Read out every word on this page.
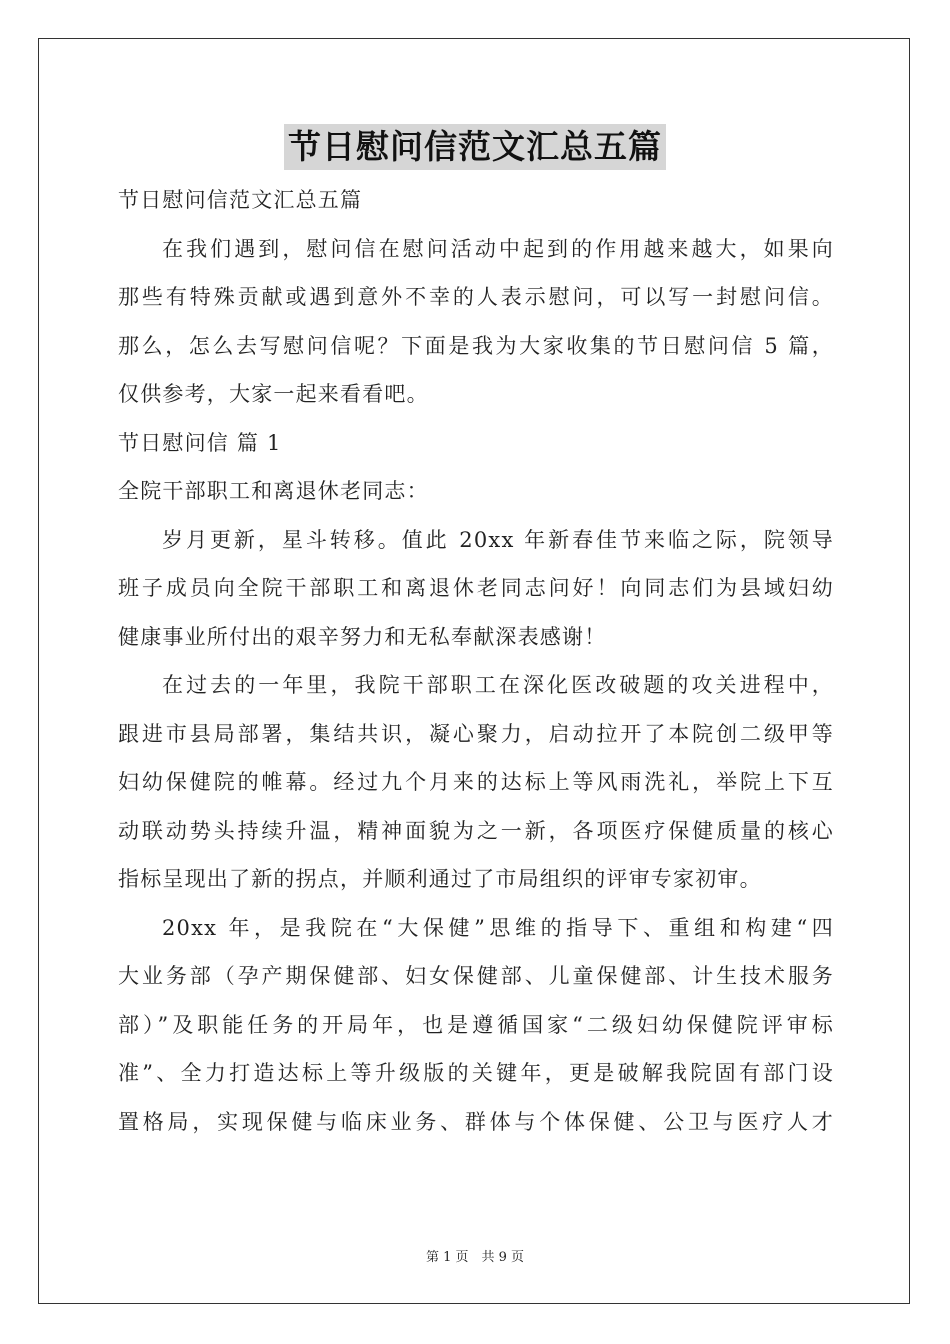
节日慰问信范文汇总五篇
节日慰问信范文汇总五篇
在我们遇到，慰问信在慰问活动中起到的作用越来越大，如果向
那些有特殊贡献或遇到意外不幸的人表示慰问，可以写一封慰问信。
那么，怎么去写慰问信呢？下面是我为大家收集的节日慰问信 5 篇，
仅供参考，大家一起来看看吧。
节日慰问信 篇 1
全院干部职工和离退休老同志：
岁月更新，星斗转移。值此 20xx 年新春佳节来临之际，院领导
班子成员向全院干部职工和离退休老同志问好！向同志们为县域妇幼
健康事业所付出的艰辛努力和无私奉献深表感谢！
在过去的一年里，我院干部职工在深化医改破题的攻关进程中，
跟进市县局部署，集结共识，凝心聚力，启动拉开了本院创二级甲等
妇幼保健院的帷幕。经过九个月来的达标上等风雨洗礼，举院上下互
动联动势头持续升温，精神面貌为之一新，各项医疗保健质量的核心
指标呈现出了新的拐点，并顺利通过了市局组织的评审专家初审。
20xx 年，是我院在“大保健”思维的指导下、重组和构建“四
大业务部（孕产期保健部、妇女保健部、儿童保健部、计生技术服务
部）”及职能任务的开局年，也是遵循国家“二级妇幼保健院评审标
准”、全力打造达标上等升级版的关键年，更是破解我院固有部门设
置格局，实现保健与临床业务、群体与个体保健、公卫与医疗人才
第 1 页　共 9 页
